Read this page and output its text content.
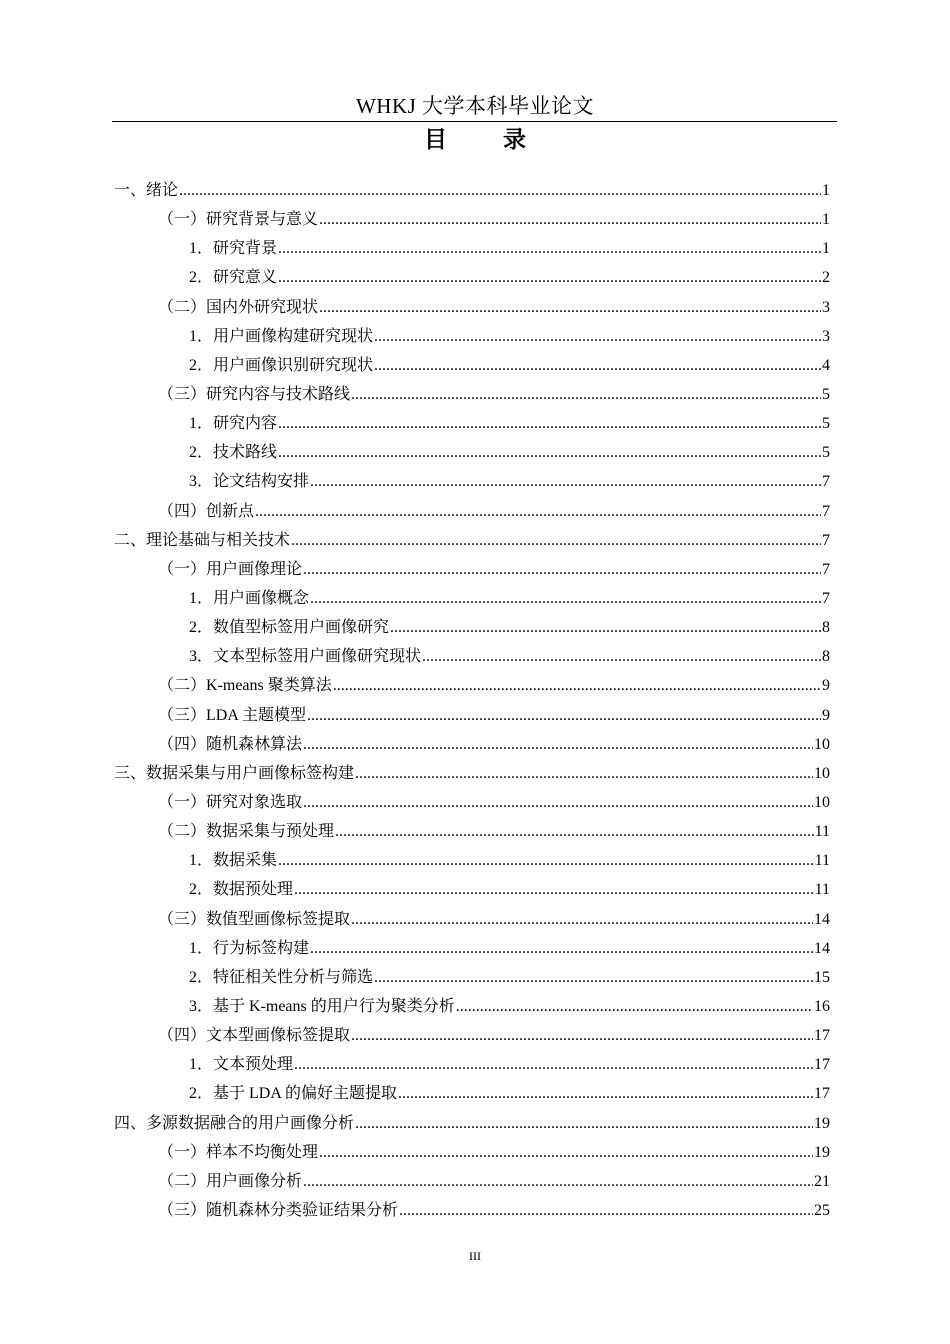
WHKJ 大学本科毕业论文
目 录
一、绪论 .....	1
（一）研究背景与意义 .....	1
1．研究背景 .....	1
2．研究意义 .....	2
（二）国内外研究现状 .....	3
1．用户画像构建研究现状 .....	3
2．用户画像识别研究现状 .....	4
（三）研究内容与技术路线 .....	5
1．研究内容 .....	5
2．技术路线 .....	5
3．论文结构安排 .....	7
（四）创新点 .....	7
二、理论基础与相关技术 .....	7
（一）用户画像理论 .....	7
1．用户画像概念 .....	7
2．数值型标签用户画像研究 .....	8
3．文本型标签用户画像研究现状 .....	8
（二）K-means 聚类算法 .....	9
（三）LDA 主题模型 .....	9
（四）随机森林算法 .....	10
三、数据采集与用户画像标签构建 .....	10
（一）研究对象选取 .....	10
（二）数据采集与预处理 .....	11
1．数据采集 .....	11
2．数据预处理 .....	11
（三）数值型画像标签提取 .....	14
1．行为标签构建 .....	14
2．特征相关性分析与筛选 .....	15
3．基于 K-means 的用户行为聚类分析 .....	16
（四）文本型画像标签提取 .....	17
1．文本预处理 .....	17
2．基于 LDA 的偏好主题提取 .....	17
四、多源数据融合的用户画像分析 .....	19
（一）样本不均衡处理 .....	19
（二）用户画像分析 .....	21
（三）随机森林分类验证结果分析 .....	25
III
